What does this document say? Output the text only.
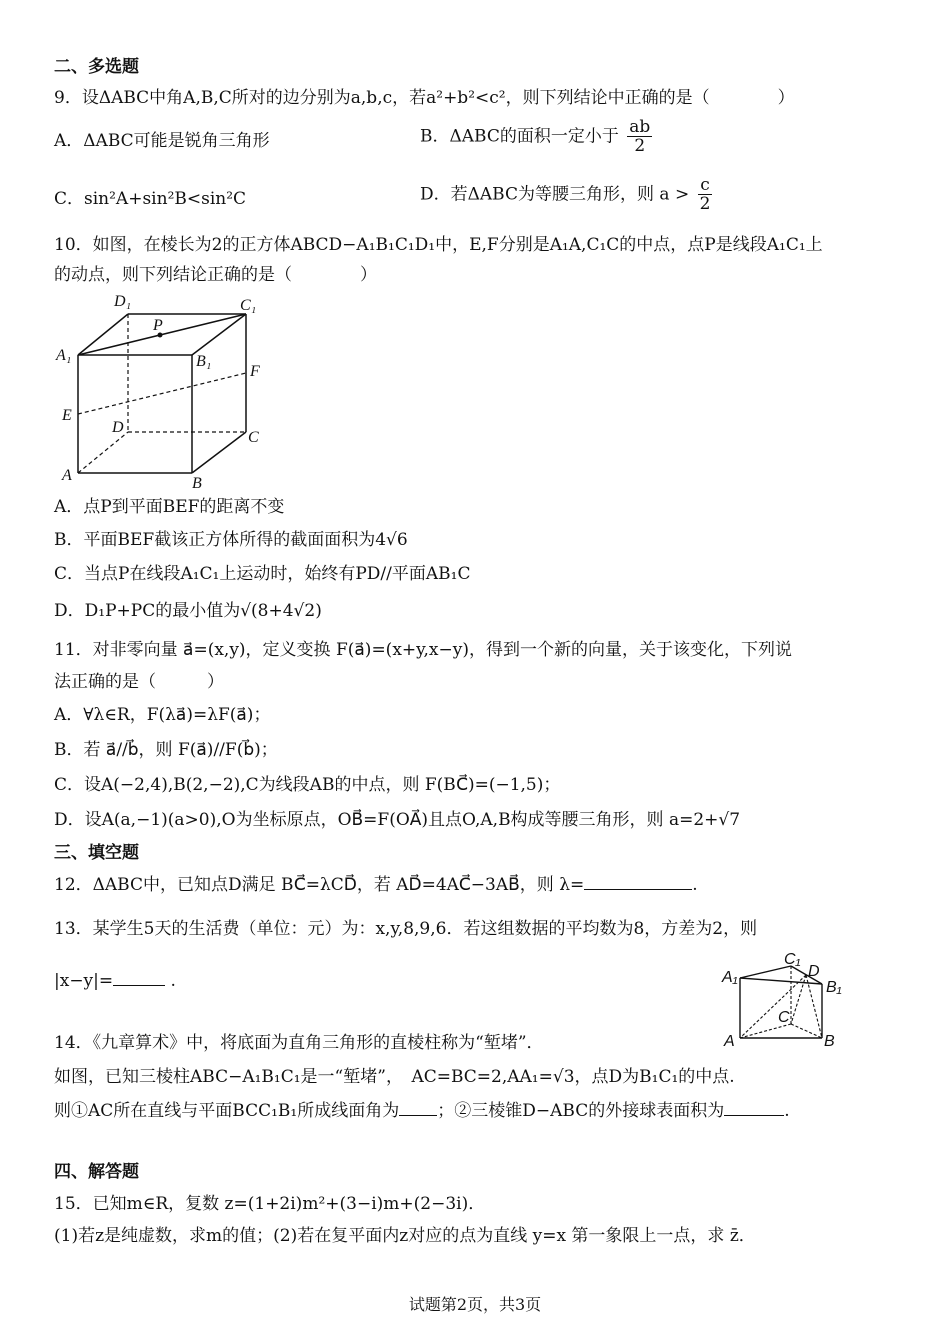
二、多选题
9．设ΔABC中角A,B,C所对的边分别为a,b,c，若a²+b²<c²，则下列结论中正确的是（　　　　）
A．ΔABC可能是锐角三角形	B．ΔABC的面积一定小于 $\frac{ab}{2}$
C．sin²A+sin²B<sin²C	D．若ΔABC为等腰三角形，则 $a > \frac{c}{2}$
10．如图，在棱长为2的正方体ABCD−A₁B₁C₁D₁中，E,F分别是A₁A,C₁C的中点，点P是线段A₁C₁上
的动点，则下列结论正确的是（　　　　）
D₁	C₁
P
A₁	B₁
F
E
D
C
A	B
A．点P到平面BEF的距离不变
B．平面BEF截该正方体所得的截面面积为4√6
C．当点P在线段A₁C₁上运动时，始终有PD//平面AB₁C
D．D₁P+PC的最小值为√(8+4√2)
11．对非零向量 a⃗=(x,y)，定义变换 F(a⃗)=(x+y,x−y)，得到一个新的向量，关于该变化，下列说
法正确的是（　　　）
A．∀λ∈R，F(λa⃗)=λF(a⃗)；
B．若 a⃗//b⃗，则 F(a⃗)//F(b⃗)；
C．设A(−2,4),B(2,−2),C为线段AB的中点，则 F(BC⃗)=(−1,5)；
D．设A(a,−1)(a>0),O为坐标原点，OB⃗=F(OA⃗)且点O,A,B构成等腰三角形，则 a=2+√7
三、填空题
12．ΔABC中，已知点D满足 BC⃗=λCD⃗，若 AD⃗=4AC⃗−3AB⃗，则 λ=	.
13．某学生5天的生活费（单位：元）为：x,y,8,9,6．若这组数据的平均数为8，方差为2，则
|x−y|=	.	A₁
C₁
D
B₁
C
A	B
14．《九章算术》中，将底面为直角三角形的直棱柱称为“堑堵”．
如图，已知三棱柱ABC−A₁B₁C₁是一“堑堵”，　AC=BC=2,AA₁=√3，点D为B₁C₁的中点.
则①AC所在直线与平面BCC₁B₁所成线面角为 ；②三棱锥D−ABC的外接球表面积为	.
四、解答题
15．已知m∈R，复数 z=(1+2i)m²+(3−i)m+(2−3i)．
(1)若z是纯虚数，求m的值；(2)若在复平面内z对应的点为直线 y=x 第一象限上一点，求 z̄．
试题第2页，共3页
